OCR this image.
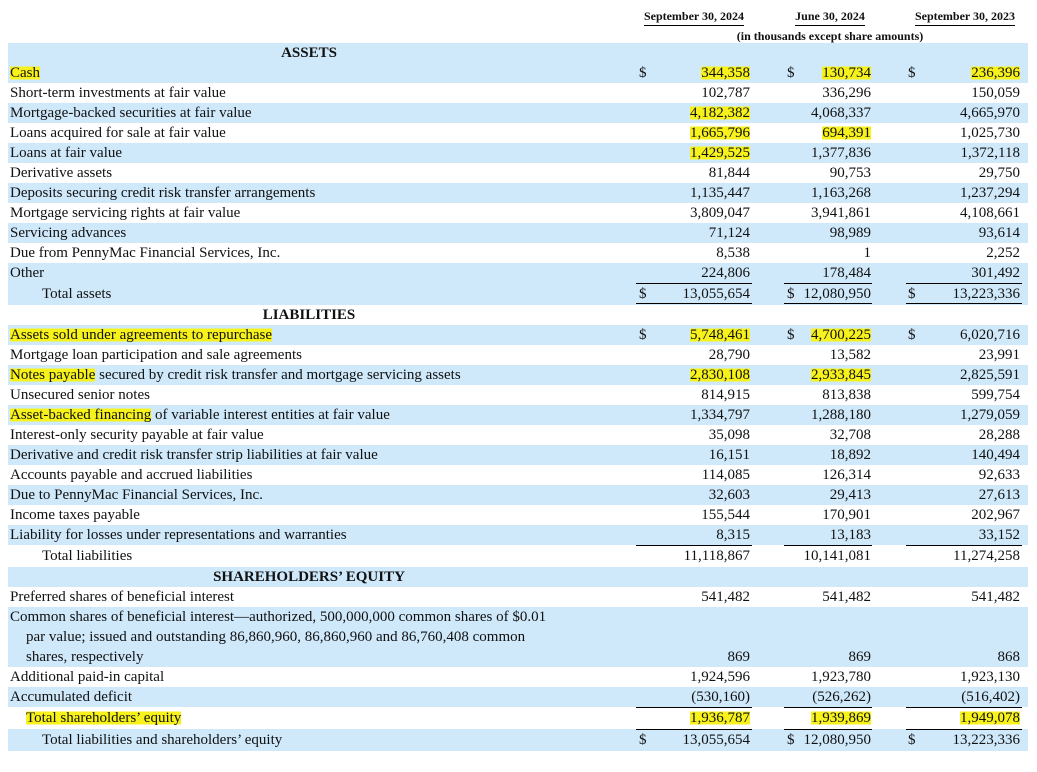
September 30, 2024	June 30, 2024	September 30, 2023
(in thousands except share amounts)
ASSETS
Cash	$	344,358 $	130,734 $	236,396
Short-term investments at fair value	102,787	336,296	150,059
Mortgage-backed securities at fair value	4,182,382	4,068,337	4,665,970
Loans acquired for sale at fair value	1,665,796	694,391	1,025,730
Loans at fair value	1,429,525	1,377,836	1,372,118
Derivative assets	81,844	90,753	29,750
Deposits securing credit risk transfer arrangements	1,135,447	1,163,268	1,237,294
Mortgage servicing rights at fair value	3,809,047	3,941,861	4,108,661
Servicing advances	71,124	98,989	93,614
Due from PennyMac Financial Services, Inc.	8,538	1	2,252
Other	224,806	178,484	301,492
Total assets	$	13,055,654 $ 12,080,950 $	13,223,336
LIABILITIES
Assets sold under agreements to repurchase	$	5,748,461 $	4,700,225 $	6,020,716
Mortgage loan participation and sale agreements	28,790	13,582	23,991
Notes payable secured by credit risk transfer and mortgage servicing assets	2,830,108	2,933,845	2,825,591
Unsecured senior notes	814,915	813,838	599,754
Asset-backed financing of variable interest entities at fair value	1,334,797	1,288,180	1,279,059
Interest-only security payable at fair value	35,098	32,708	28,288
Derivative and credit risk transfer strip liabilities at fair value	16,151	18,892	140,494
Accounts payable and accrued liabilities	114,085	126,314	92,633
Due to PennyMac Financial Services, Inc.	32,603	29,413	27,613
Income taxes payable	155,544	170,901	202,967
Liability for losses under representations and warranties	8,315	13,183	33,152
Total liabilities	11,118,867	10,141,081	11,274,258
SHAREHOLDERS’ EQUITY
Preferred shares of beneficial interest	541,482	541,482	541,482
Common shares of beneficial interest—authorized, 500,000,000 common shares of $0.01
par value; issued and outstanding 86,860,960, 86,860,960 and 86,760,408 common
shares, respectively	869	869	868
Additional paid-in capital	1,924,596	1,923,780	1,923,130
Accumulated deficit	(530,160)	(526,262)	(516,402)
Total shareholders’ equity	1,936,787	1,939,869	1,949,078
Total liabilities and shareholders’ equity	$	13,055,654 $ 12,080,950 $	13,223,336
